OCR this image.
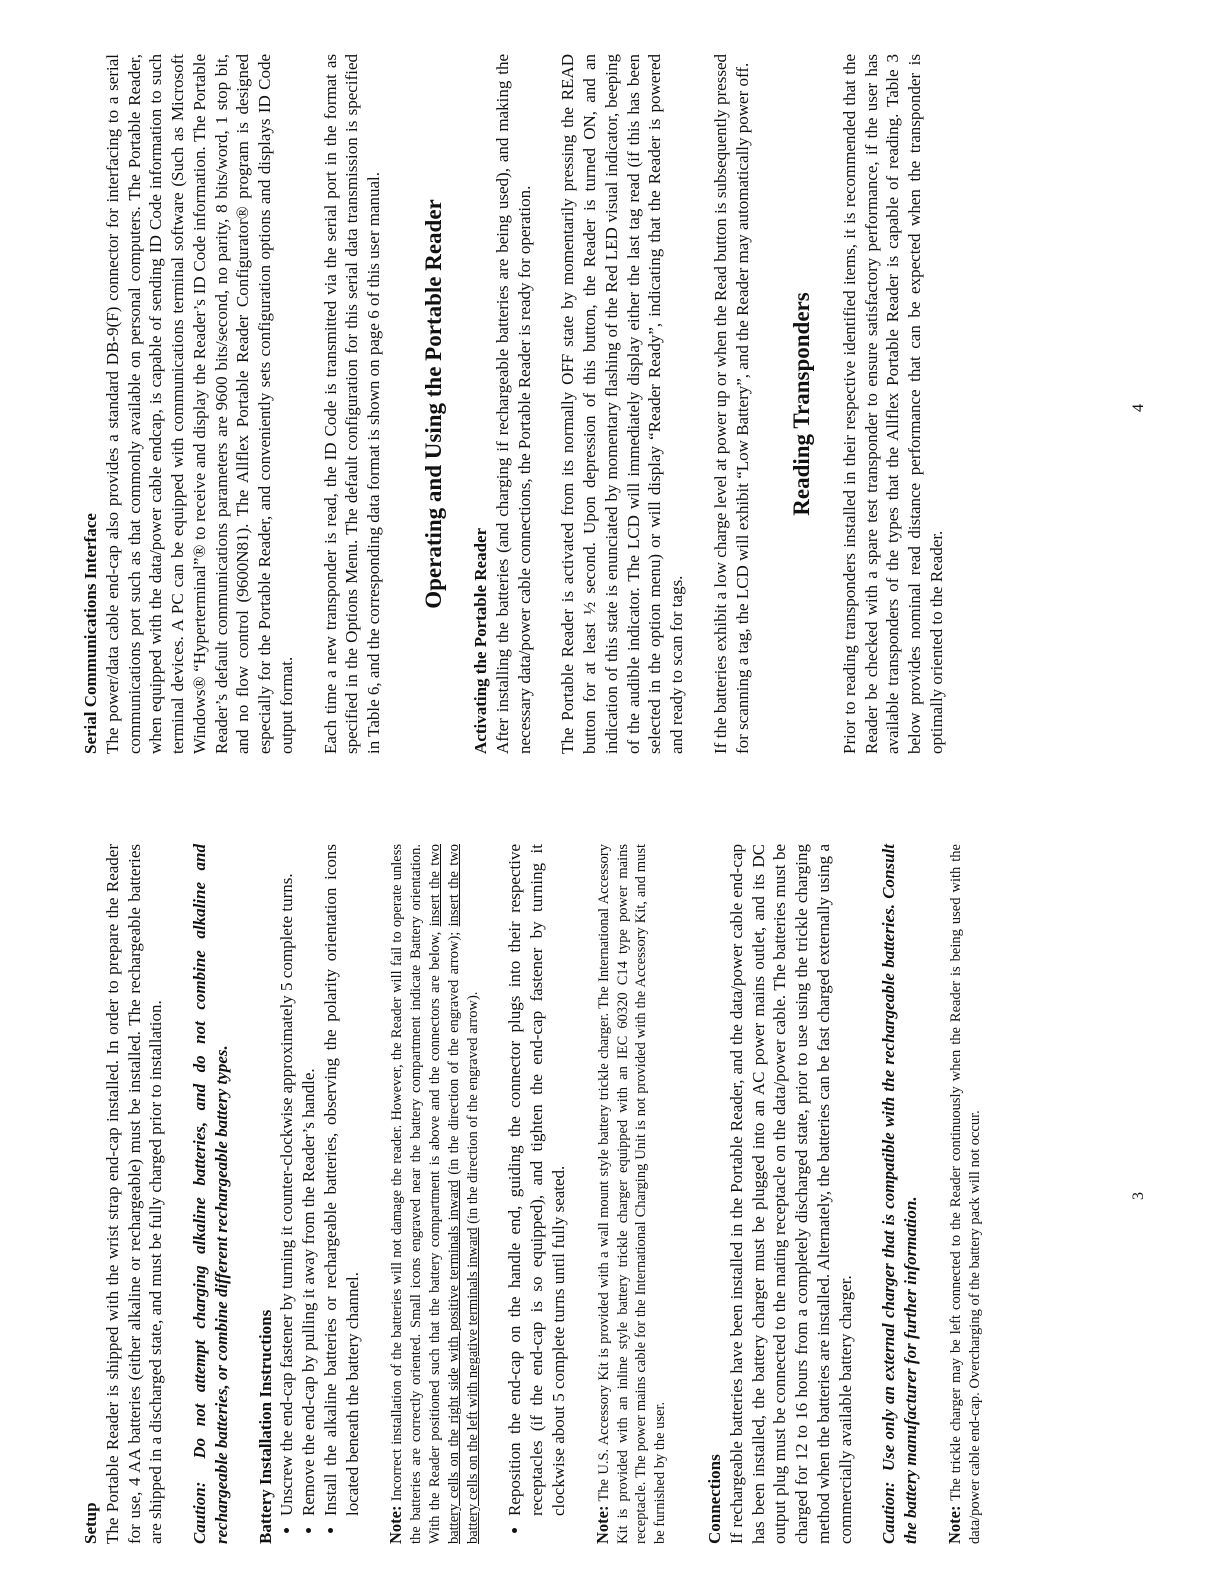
Setup The Portable Reader is shipped with the wrist strap end-cap installed. In order to prepare the Reader for use, 4 AA batteries (either alkaline or rechargeable) must be installed. The rechargeable batteries are shipped in a discharged state, and must be fully charged prior to installation. Caution:  Do not attempt charging alkaline batteries, and do not combine alkaline and rechargeable batteries, or combine different rechargeable battery types. Battery Installation Instructions • Unscrew the end-cap fastener by turning it counter-clockwise approximately 5 complete turns. • Remove the end-cap by pulling it away from the Reader’s handle. • Install the alkaline batteries or rechargeable batteries, observing the polarity orientation icons located beneath the battery channel.

Note: Incorrect installation of the batteries will not damage the reader. However, the Reader will fail to operate unless the batteries are correctly oriented. Small icons engraved near the battery compartment indicate Battery orientation. With the Reader positioned such that the battery compartment is above and the connectors are below, insert the two battery cells on the right side with positive terminals inward (in the direction of the engraved arrow); insert the two battery cells on the left with negative terminals inward (in the direction of the engraved arrow). • Reposition the end-cap on the handle end, guiding the connector plugs into their respective receptacles (if the end-cap is so equipped), and tighten the end-cap fastener by turning it clockwise about 5 complete turns until fully seated.

Note: The U.S. Accessory Kit is provided with a wall mount style battery trickle charger. The International Accessory Kit is provided with an inline style battery trickle charger equipped with an IEC 60320 C14 type power mains receptacle. The power mains cable for the International Charging Unit is not provided with the Accessory Kit, and must be furnished by the user. Connections If rechargeable batteries have been installed in the Portable Reader, and the data/power cable end-cap has been installed, the battery charger must be plugged into an AC power mains outlet, and its DC output plug must be connected to the mating receptacle on the data/power cable. The batteries must be charged for 12 to 16 hours from a completely discharged state, prior to use using the trickle charging method when the batteries are installed. Alternately, the batteries can be fast charged externally using a commercially available battery charger. Caution:  Use only an external charger that is compatible with the rechargeable batteries. Consult the battery manufacturer for further information. Note: The trickle charger may be left connected to the Reader continuously when the Reader is being used with the data/power cable end-cap. Overcharging of the battery pack will not occur.	3
Serial Communications Interface The power/data cable end-cap also provides a standard DB-9(F) connector for interfacing to a serial communications port such as that commonly available on personal computers. The Portable Reader, when equipped with the data/power cable endcap, is capable of sending ID Code information to such terminal devices. A PC can be equipped with communications terminal software (Such as Microsoft Windows® “Hyperterminal”® to receive and display the Reader’s ID Code information. The Portable Reader’s default communications parameters are 9600 bits/second, no parity, 8 bits/word, 1 stop bit, and no flow control (9600N81). The Allflex Portable Reader Configurator® program is designed especially for the Portable Reader, and conveniently sets configuration options and displays ID Code output format. Each time a new transponder is read, the ID Code is transmitted via the serial port in the format as specified in the Options Menu. The default configuration for this serial data transmission is specified in Table 6, and the corresponding data format is shown on page 6 of this user manual. Operating and Using the Portable Reader
Activating the Portable Reader After installing the batteries (and charging if rechargeable batteries are being used), and making the necessary data/power cable connections, the Portable Reader is ready for operation. The Portable Reader is activated from its normally OFF state by momentarily pressing the READ button for at least ½ second. Upon depression of this button, the Reader is turned ON, and an indication of this state is enunciated by momentary flashing of the Red LED visual indicator, beeping of the audible indicator. The LCD will immediately display either the last tag read (if this has been selected in the option menu) or will display “Reader Ready”, indicating that the Reader is powered and ready to scan for tags. If the batteries exhibit a low charge level at power up or when the Read button is subsequently pressed for scanning a tag, the LCD will exhibit “Low Battery”, and the Reader may automatically power off. Reading Transponders Prior to reading transponders installed in their respective identified items, it is recommended that the Reader be checked with a spare test transponder to ensure satisfactory performance, if the user has available transponders of the types that the Allflex Portable Reader is capable of reading. Table 3 below provides nominal read distance performance that can be expected when the transponder is optimally oriented to the Reader.

4
